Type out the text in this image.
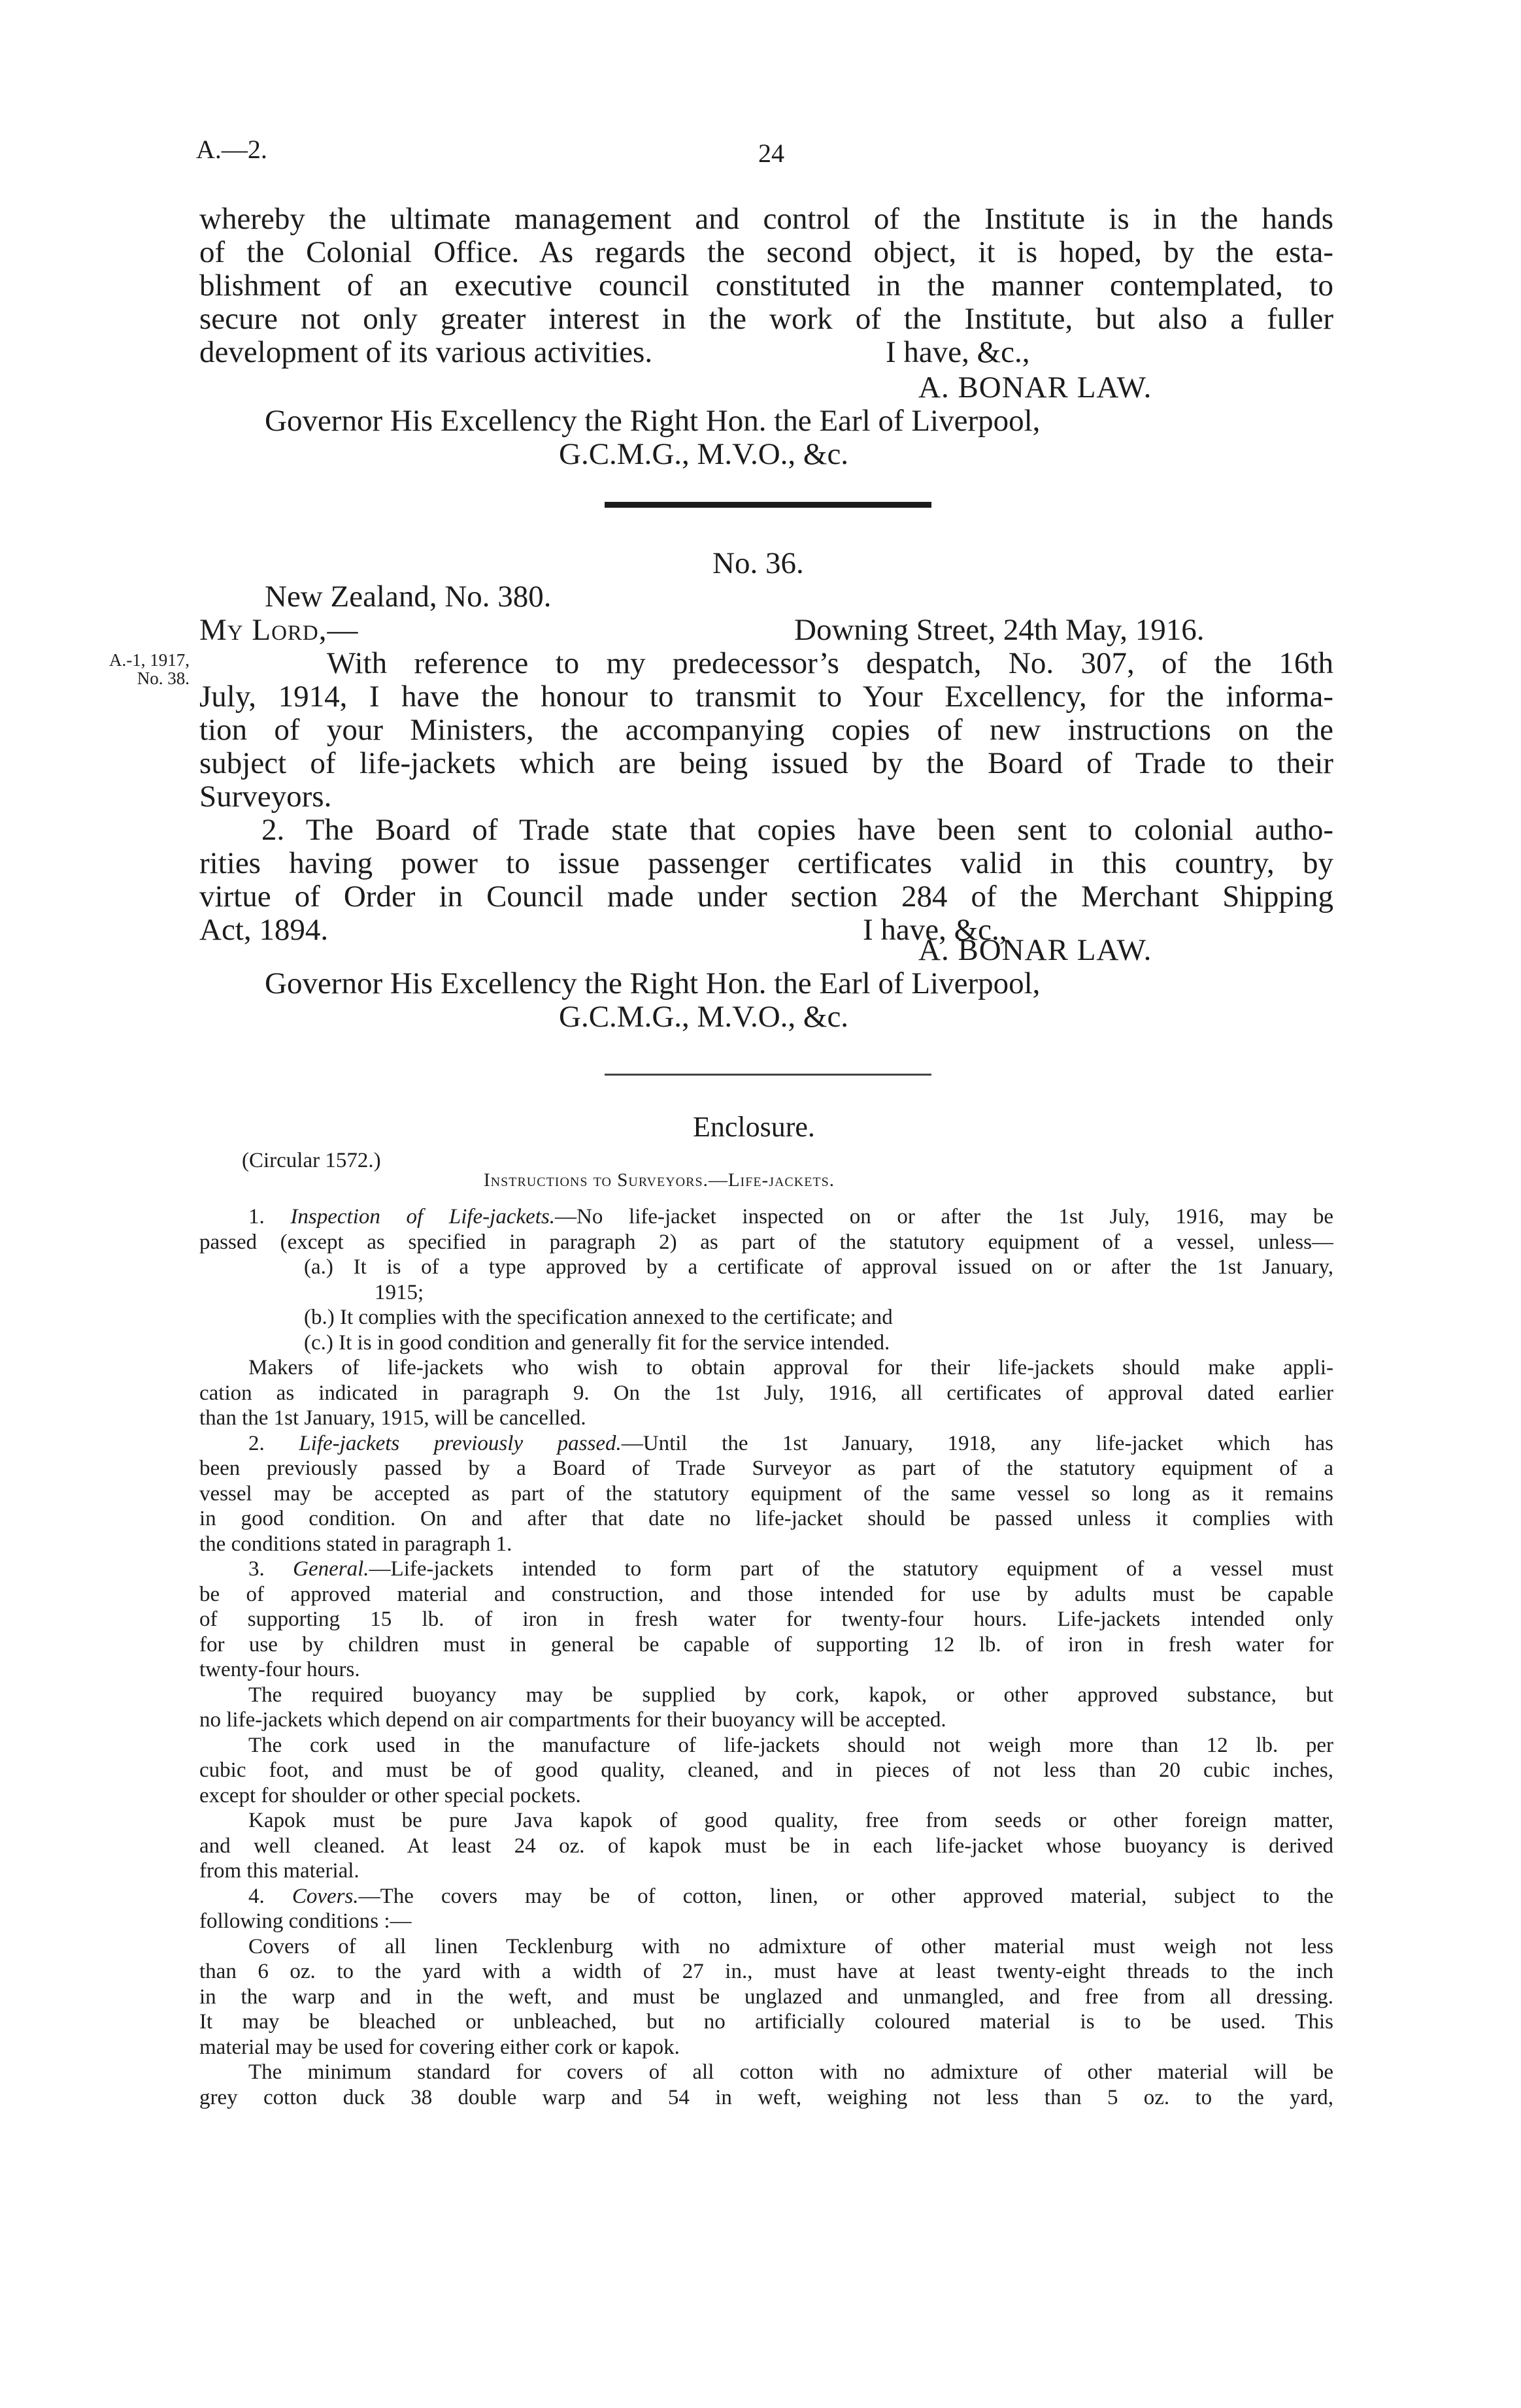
A.—2.	24
whereby the ultimate management and control of the Institute is in the hands
of the Colonial Office. As regards the second object, it is hoped, by the esta-
blishment of an executive council constituted in the manner contemplated, to
secure not only greater interest in the work of the Institute, but also a fuller
development of its various activities.	I have, &c.,
A. BONAR LAW.
Governor His Excellency the Right Hon. the Earl of Liverpool,
G.C.M.G., M.V.O., &c.
No. 36.
New Zealand, No. 380.
My Lord,—	Downing Street, 24th May, 1916.
A.-1, 1917,
No. 38.	With reference to my predecessor’s despatch, No. 307, of the 16th
July, 1914, I have the honour to transmit to Your Excellency, for the informa-
tion of your Ministers, the accompanying copies of new instructions on the
subject of life-jackets which are being issued by the Board of Trade to their
Surveyors.
2. The Board of Trade state that copies have been sent to colonial autho-
rities having power to issue passenger certificates valid in this country, by
virtue of Order in Council made under section 284 of the Merchant Shipping
Act, 1894.	I have, &c.,
A. BONAR LAW.
Governor His Excellency the Right Hon. the Earl of Liverpool,
G.C.M.G., M.V.O., &c.
Enclosure.
(Circular 1572.)
Instructions to Surveyors.—Life-jackets.
1. Inspection of Life-jackets.—No life-jacket inspected on or after the 1st July, 1916, may be
passed (except as specified in paragraph 2) as part of the statutory equipment of a vessel, unless—
(a.) It is of a type approved by a certificate of approval issued on or after the 1st January,
1915;
(b.) It complies with the specification annexed to the certificate; and
(c.) It is in good condition and generally fit for the service intended.
Makers of life-jackets who wish to obtain approval for their life-jackets should make appli-
cation as indicated in paragraph 9. On the 1st July, 1916, all certificates of approval dated earlier
than the 1st January, 1915, will be cancelled.
2. Life-jackets previously passed.—Until the 1st January, 1918, any life-jacket which has
been previously passed by a Board of Trade Surveyor as part of the statutory equipment of a
vessel may be accepted as part of the statutory equipment of the same vessel so long as it remains
in good condition. On and after that date no life-jacket should be passed unless it complies with
the conditions stated in paragraph 1.
3. General.—Life-jackets intended to form part of the statutory equipment of a vessel must
be of approved material and construction, and those intended for use by adults must be capable
of supporting 15 lb. of iron in fresh water for twenty-four hours. Life-jackets intended only
for use by children must in general be capable of supporting 12 lb. of iron in fresh water for
twenty-four hours.
The required buoyancy may be supplied by cork, kapok, or other approved substance, but
no life-jackets which depend on air compartments for their buoyancy will be accepted.
The cork used in the manufacture of life-jackets should not weigh more than 12 lb. per
cubic foot, and must be of good quality, cleaned, and in pieces of not less than 20 cubic inches,
except for shoulder or other special pockets.
Kapok must be pure Java kapok of good quality, free from seeds or other foreign matter,
and well cleaned. At least 24 oz. of kapok must be in each life-jacket whose buoyancy is derived
from this material.
4. Covers.—The covers may be of cotton, linen, or other approved material, subject to the
following conditions :—
Covers of all linen Tecklenburg with no admixture of other material must weigh not less
than 6 oz. to the yard with a width of 27 in., must have at least twenty-eight threads to the inch
in the warp and in the weft, and must be unglazed and unmangled, and free from all dressing.
It may be bleached or unbleached, but no artificially coloured material is to be used. This
material may be used for covering either cork or kapok.
The minimum standard for covers of all cotton with no admixture of other material will be
grey cotton duck 38 double warp and 54 in weft, weighing not less than 5 oz. to the yard,
